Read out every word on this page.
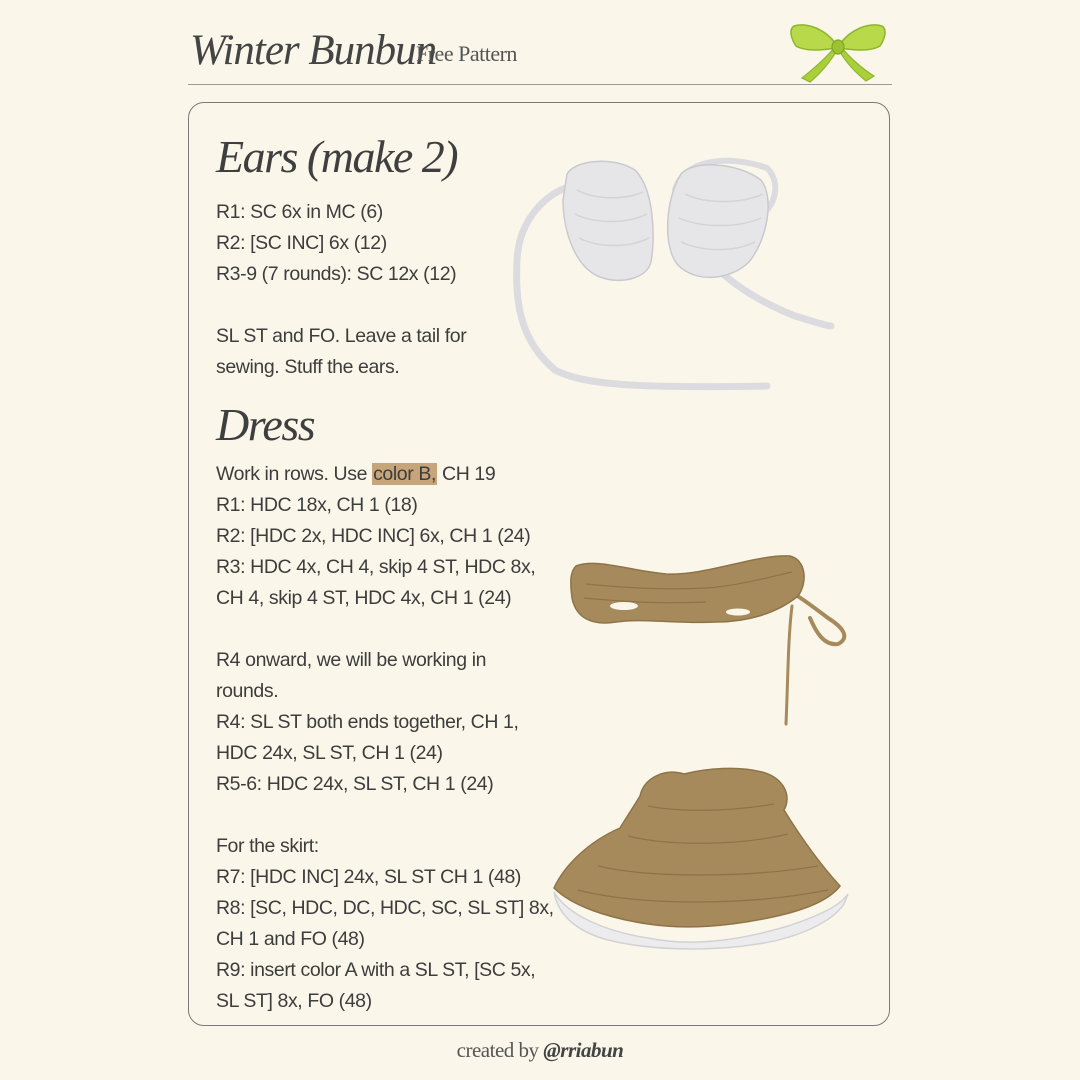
Winter Bunbun
Free Pattern
Ears (make 2)

R1: SC 6x in MC (6)

R2: [SC INC] 6x (12)

R3-9 (7 rounds): SC 12x (12)

SL ST and FO. Leave a tail for

sewing. Stuff the ears.

Dress

Work in rows. Use color B, CH 19

R1: HDC 18x, CH 1 (18)

R2: [HDC 2x, HDC INC] 6x, CH 1 (24)

R3: HDC 4x, CH 4, skip 4 ST, HDC 8x,

CH 4, skip 4 ST, HDC 4x, CH 1 (24)

R4 onward, we will be working in

rounds.

R4: SL ST both ends together, CH 1,

HDC 24x, SL ST, CH 1 (24)

R5-6: HDC 24x, SL ST, CH 1 (24)

For the skirt:

R7: [HDC INC] 24x, SL ST CH 1 (48)

R8: [SC, HDC, DC, HDC, SC, SL ST] 8x,

CH 1 and FO (48)

R9: insert color A with a SL ST, [SC 5x,

SL ST] 8x, FO (48)

created by @rriabun
